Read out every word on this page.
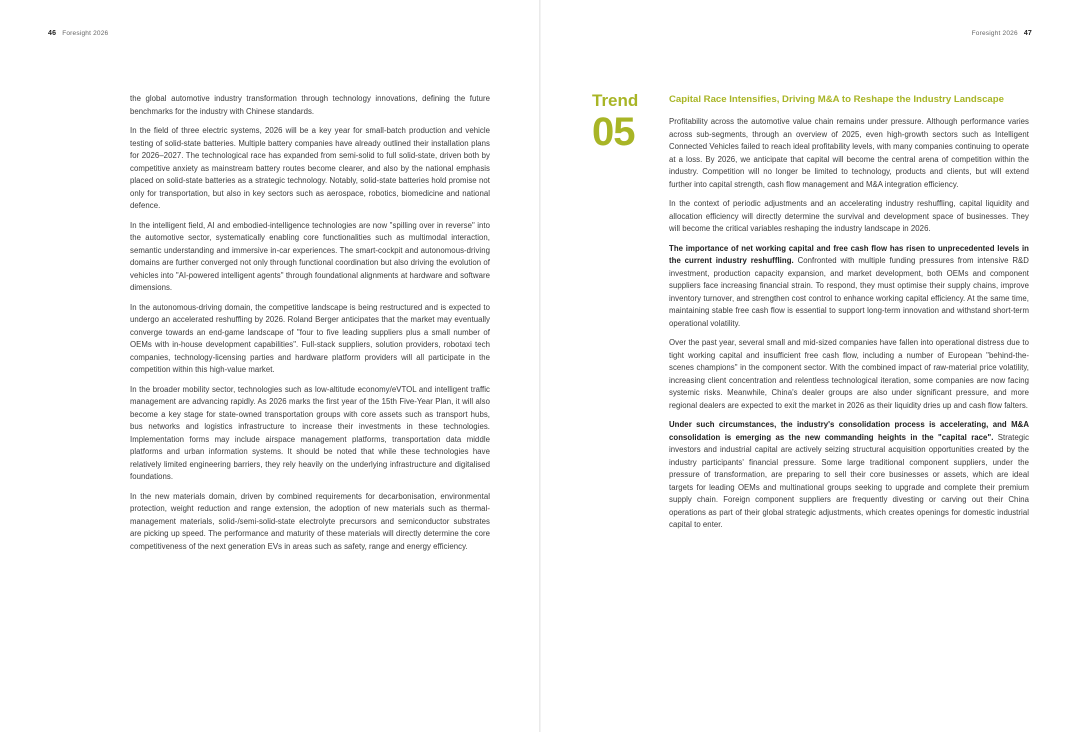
46 Foresight 2026

the global automotive industry transformation through technology innovations, defining the future benchmarks for the industry with Chinese standards.

In the field of three electric systems, 2026 will be a key year for small-batch production and vehicle testing of solid-state batteries. Multiple battery companies have already outlined their installation plans for 2026–2027. The technological race has expanded from semi-solid to full solid-state, driven both by competitive anxiety as mainstream battery routes become clearer, and also by the national emphasis placed on solid-state batteries as a strategic technology. Notably, solid-state batteries hold promise not only for transportation, but also in key sectors such as aerospace, robotics, biomedicine and national defence.

In the intelligent field, AI and embodied-intelligence technologies are now "spilling over in reverse" into the automotive sector, systematically enabling core functionalities such as multimodal interaction, semantic understanding and immersive in-car experiences. The smart-cockpit and autonomous-driving domains are further converged not only through functional coordination but also driving the evolution of vehicles into "AI-powered intelligent agents" through foundational alignments at hardware and software dimensions.

In the autonomous-driving domain, the competitive landscape is being restructured and is expected to undergo an accelerated reshuffling by 2026. Roland Berger anticipates that the market may eventually converge towards an end-game landscape of "four to five leading suppliers plus a small number of OEMs with in-house development capabilities". Full-stack suppliers, solution providers, robotaxi tech companies, technology-licensing parties and hardware platform providers will all participate in the competition within this high-value market.

In the broader mobility sector, technologies such as low-altitude economy/eVTOL and intelligent traffic management are advancing rapidly. As 2026 marks the first year of the 15th Five-Year Plan, it will also become a key stage for state-owned transportation groups with core assets such as transport hubs, bus networks and logistics infrastructure to increase their investments in these technologies. Implementation forms may include airspace management platforms, transportation data middle platforms and urban information systems. It should be noted that while these technologies have relatively limited engineering barriers, they rely heavily on the underlying infrastructure and digitalised foundations.

In the new materials domain, driven by combined requirements for decarbonisation, environmental protection, weight reduction and range extension, the adoption of new materials such as thermal-management materials, solid-/semi-solid-state electrolyte precursors and semiconductor substrates are picking up speed. The performance and maturity of these materials will directly determine the core competitiveness of the next generation EVs in areas such as safety, range and energy efficiency.

Foresight 2026 47
Trend
05
Capital Race Intensifies, Driving M&A to Reshape the Industry Landscape

Profitability across the automotive value chain remains under pressure. Although performance varies across sub-segments, through an overview of 2025, even high-growth sectors such as Intelligent Connected Vehicles failed to reach ideal profitability levels, with many companies continuing to operate at a loss. By 2026, we anticipate that capital will become the central arena of competition within the industry. Competition will no longer be limited to technology, products and clients, but will extend further into capital strength, cash flow management and M&A integration efficiency.

In the context of periodic adjustments and an accelerating industry reshuffling, capital liquidity and allocation efficiency will directly determine the survival and development space of businesses. They will become the critical variables reshaping the industry landscape in 2026.

The importance of net working capital and free cash flow has risen to unprecedented levels in the current industry reshuffling. Confronted with multiple funding pressures from intensive R&D investment, production capacity expansion, and market development, both OEMs and component suppliers face increasing financial strain. To respond, they must optimise their supply chains, improve inventory turnover, and strengthen cost control to enhance working capital efficiency. At the same time, maintaining stable free cash flow is essential to support long-term innovation and withstand short-term operational volatility.

Over the past year, several small and mid-sized companies have fallen into operational distress due to tight working capital and insufficient free cash flow, including a number of European "behind-the-scenes champions" in the component sector. With the combined impact of raw-material price volatility, increasing client concentration and relentless technological iteration, some companies are now facing systemic risks. Meanwhile, China's dealer groups are also under significant pressure, and more regional dealers are expected to exit the market in 2026 as their liquidity dries up and cash flow falters.

Under such circumstances, the industry's consolidation process is accelerating, and M&A consolidation is emerging as the new commanding heights in the "capital race". Strategic investors and industrial capital are actively seizing structural acquisition opportunities created by the industry participants' financial pressure. Some large traditional component suppliers, under the pressure of transformation, are preparing to sell their core businesses or assets, which are ideal targets for leading OEMs and multinational groups seeking to upgrade and complete their premium supply chain. Foreign component suppliers are frequently divesting or carving out their China operations as part of their global strategic adjustments, which creates openings for domestic industrial capital to enter.
